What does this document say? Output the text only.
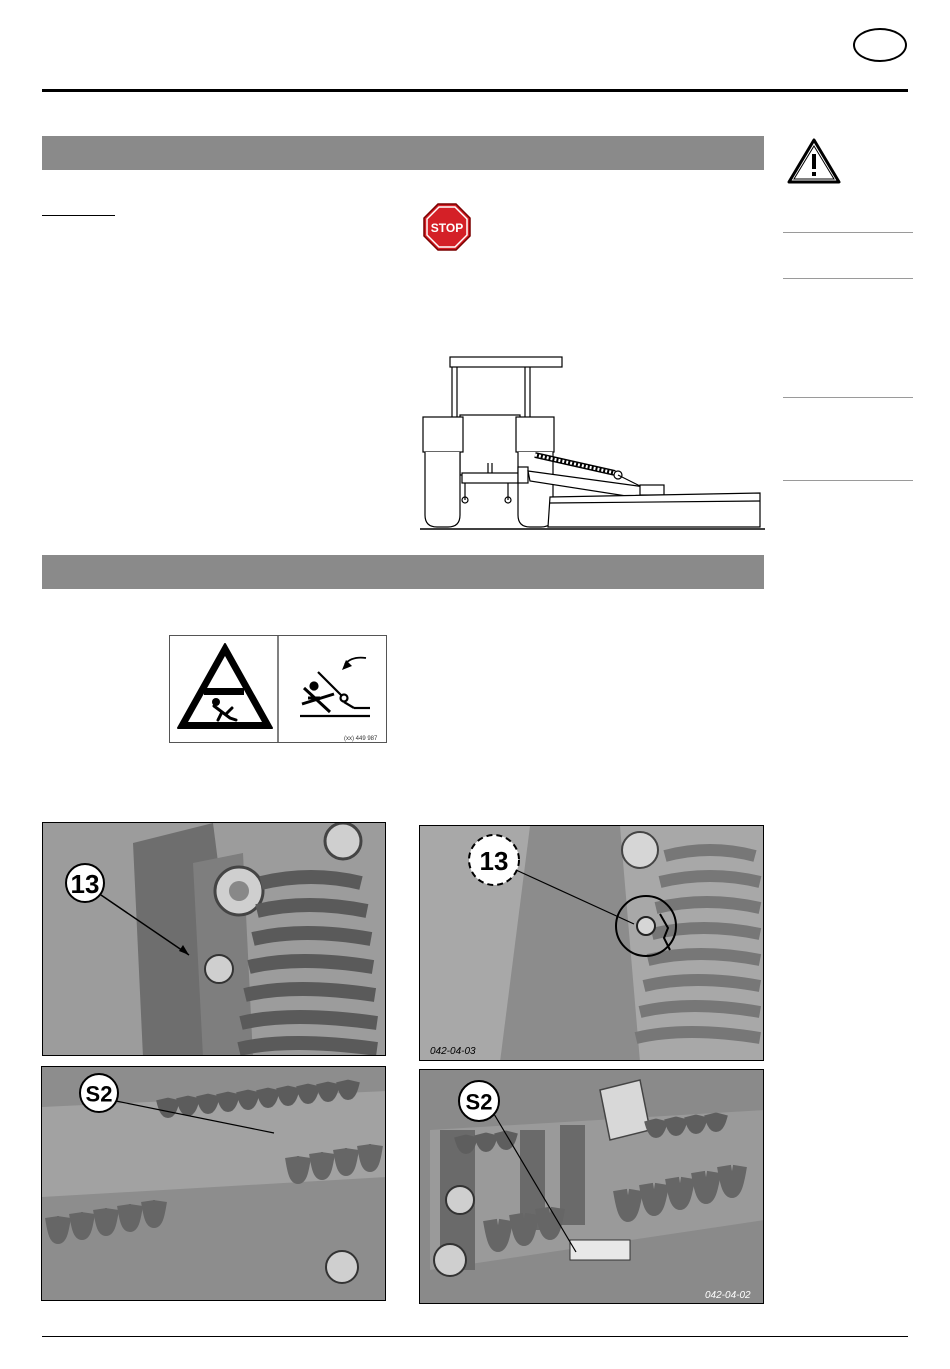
STOP
(xx) 449 987
13
13
042-04-03
S2	S2
042-04-02
